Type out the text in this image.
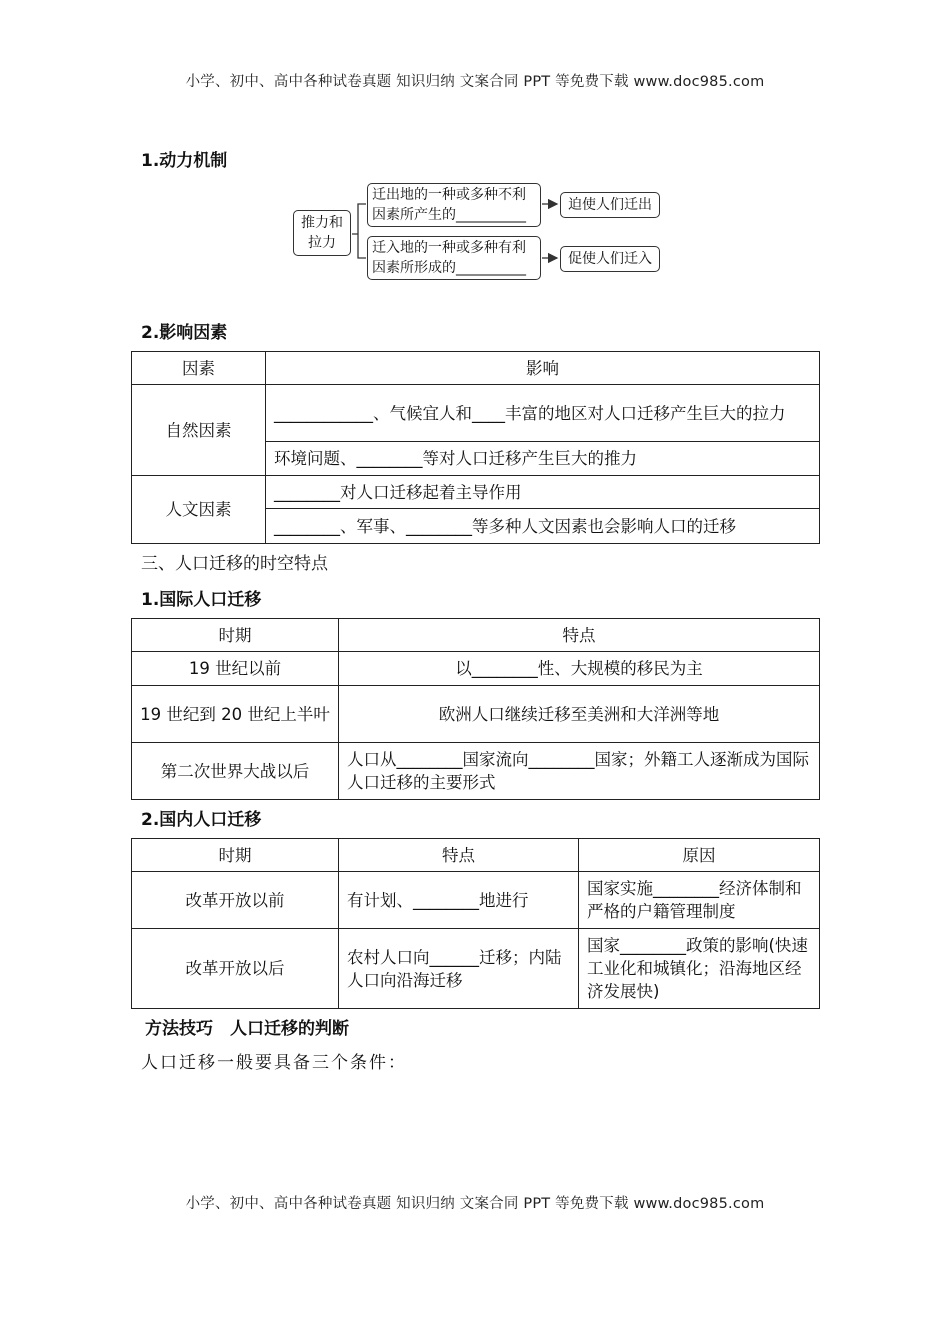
小学、初中、高中各种试卷真题 知识归纳 文案合同 PPT 等免费下载 www.doc985.com
1.动力机制
推力和
拉力
迁出地的一种或多种不利
因素所产生的__________
迁入地的一种或多种有利
因素所形成的__________
迫使人们迁出
促使人们迁入
2.影响因素
因素	影响
自然因素	____________、气候宜人和____丰富的地区对人口迁移产生巨大的拉力
	环境问题、________等对人口迁移产生巨大的推力
人文因素	________对人口迁移起着主导作用
	________、军事、________等多种人文因素也会影响人口的迁移
三、人口迁移的时空特点
1.国际人口迁移
时期	特点
19 世纪以前	以________性、大规模的移民为主
19 世纪到 20 世纪上半叶	欧洲人口继续迁移至美洲和大洋洲等地
第二次世界大战以后	人口从________国家流向________国家；外籍工人逐渐成为国际人口迁移的主要形式
2.国内人口迁移
时期	特点	原因
改革开放以前	有计划、________地进行	国家实施________经济体制和严格的户籍管理制度
改革开放以后	农村人口向______迁移；内陆人口向沿海迁移	国家________政策的影响(快速工业化和城镇化；沿海地区经济发展快)
方法技巧　人口迁移的判断
人口迁移一般要具备三个条件：
小学、初中、高中各种试卷真题 知识归纳 文案合同 PPT 等免费下载 www.doc985.com
